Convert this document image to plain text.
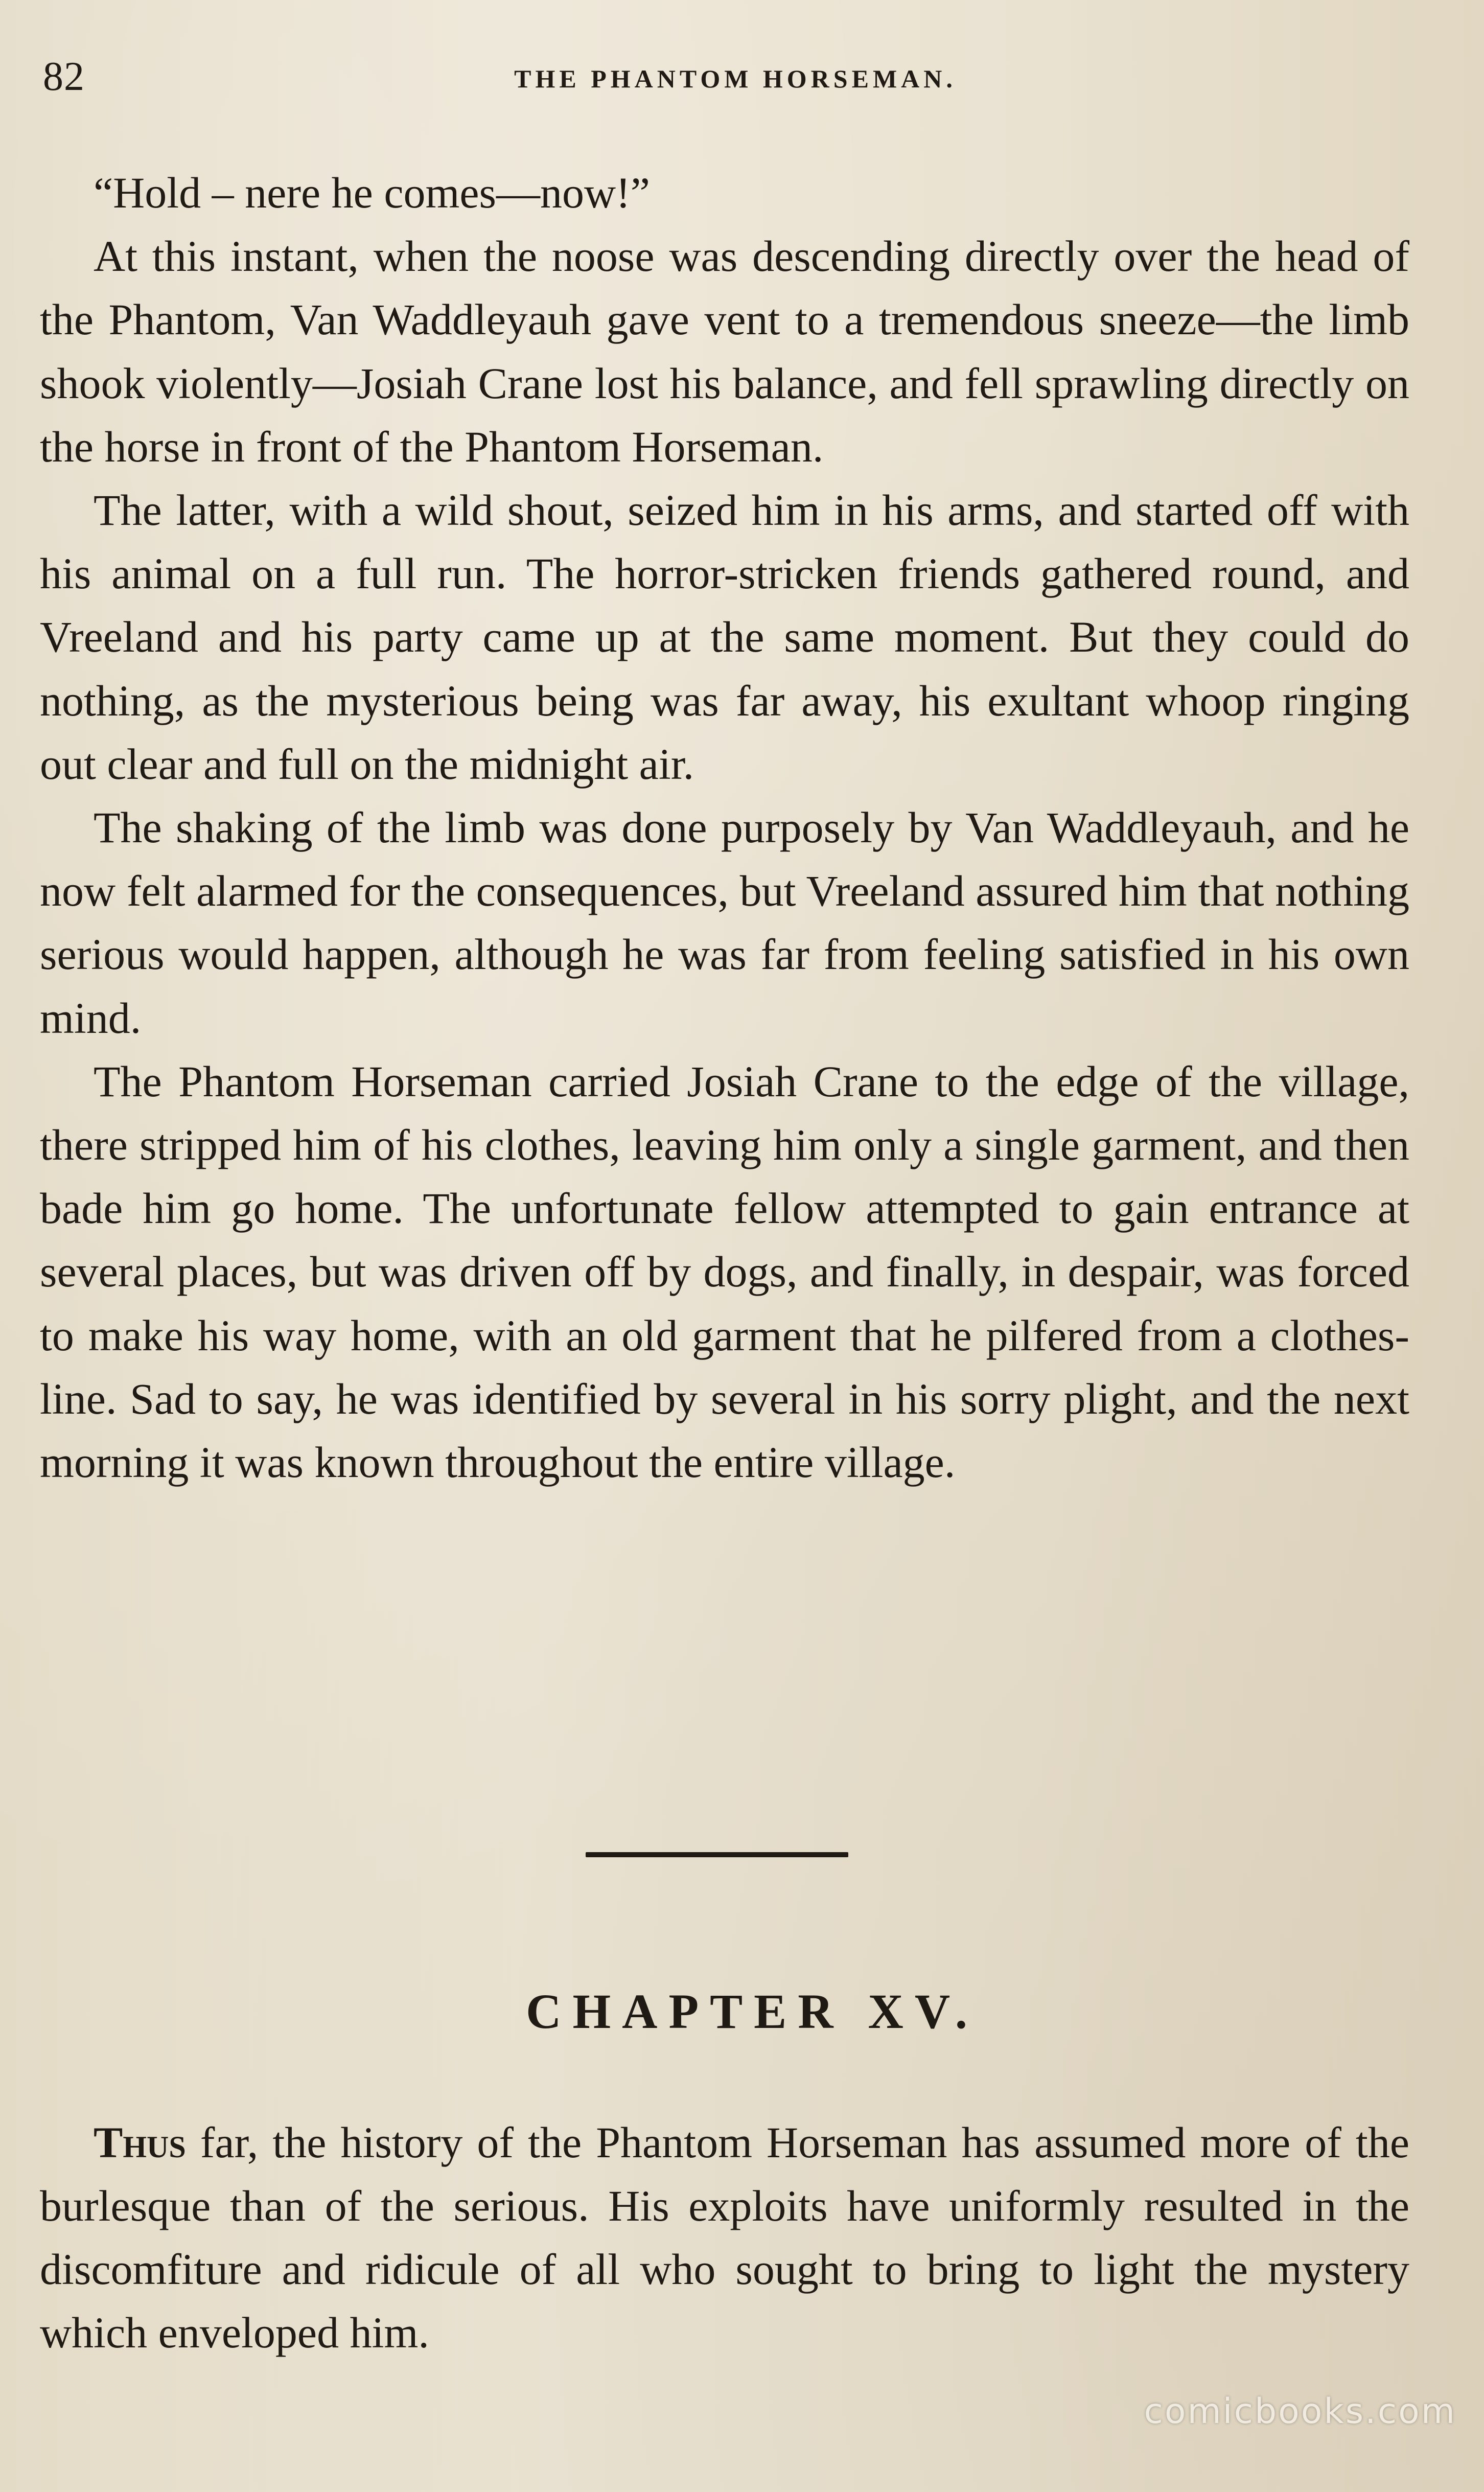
82	THE PHANTOM HORSEMAN.

“Hold – nere he comes—now!”

At this instant, when the noose was descending directly over the head of the Phantom, Van Waddleyauh gave vent to a tremendous sneeze—the limb shook violently—Josiah Crane lost his balance, and fell sprawling directly on the horse in front of the Phantom Horseman.

The latter, with a wild shout, seized him in his arms, and started off with his animal on a full run. The horror-stricken friends gathered round, and Vreeland and his party came up at the same moment. But they could do nothing, as the mysterious being was far away, his exultant whoop ringing out clear and full on the midnight air.

The shaking of the limb was done purposely by Van Waddleyauh, and he now felt alarmed for the consequences, but Vreeland assured him that nothing serious would happen, although he was far from feeling satisfied in his own mind.

The Phantom Horseman carried Josiah Crane to the edge of the village, there stripped him of his clothes, leaving him only a single garment, and then bade him go home. The unfortunate fellow attempted to gain entrance at several places, but was driven off by dogs, and finally, in despair, was forced to make his way home, with an old garment that he pilfered from a clothes-line. Sad to say, he was identified by several in his sorry plight, and the next morning it was known throughout the entire village.

CHAPTER XV.

Thus far, the history of the Phantom Horseman has assumed more of the burlesque than of the serious. His exploits have uniformly resulted in the discomfiture and ridicule of all who sought to bring to light the mystery which enveloped him.

comicbooks.com
